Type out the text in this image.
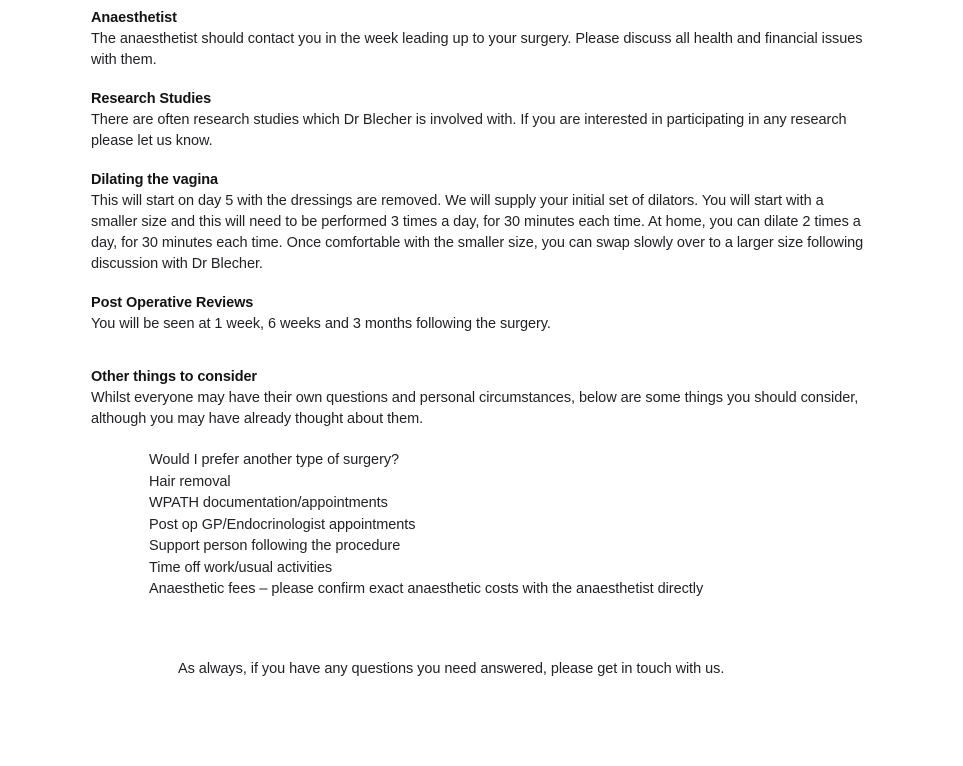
Anaesthetist

The anaesthetist should contact you in the week leading up to your surgery. Please discuss all health and financial issues with them.

Research Studies

There are often research studies which Dr Blecher is involved with. If you are interested in participating in any research please let us know.

Dilating the vagina

This will start on day 5 with the dressings are removed. We will supply your initial set of dilators. You will start with a smaller size and this will need to be performed 3 times a day, for 30 minutes each time. At home, you can dilate 2 times a day, for 30 minutes each time. Once comfortable with the smaller size, you can swap slowly over to a larger size following discussion with Dr Blecher.

Post Operative Reviews

You will be seen at 1 week, 6 weeks and 3 months following the surgery.

Other things to consider

Whilst everyone may have their own questions and personal circumstances, below are some things you should consider, although you may have already thought about them.

Would I prefer another type of surgery?
Hair removal
WPATH documentation/appointments
Post op GP/Endocrinologist appointments
Support person following the procedure
Time off work/usual activities
Anaesthetic fees – please confirm exact anaesthetic costs with the anaesthetist directly
As always, if you have any questions you need answered, please get in touch with us.
